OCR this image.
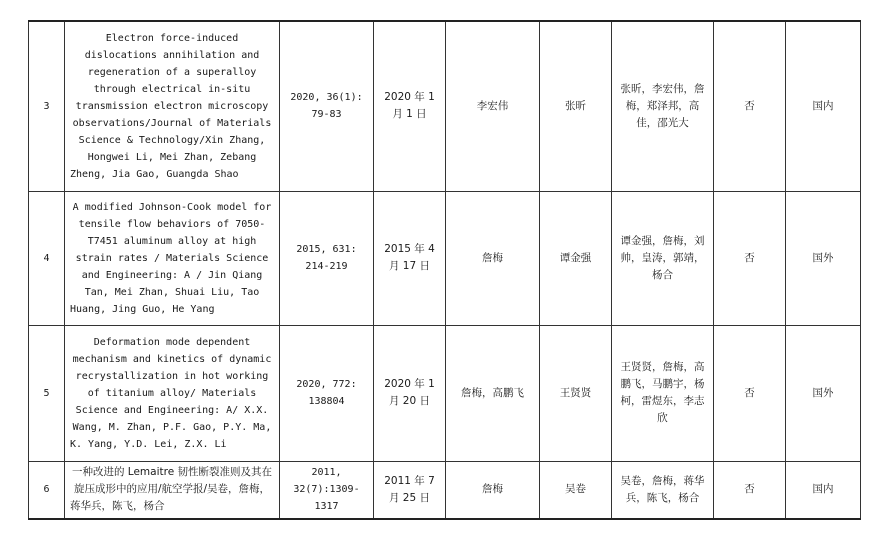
3	Electron force-induced dislocations annihilation and regeneration of a superalloy through electrical in-situ transmission electron microscopy observations/Journal of Materials Science & Technology/Xin Zhang, Hongwei Li, Mei Zhan, Zebang Zheng, Jia Gao, Guangda Shao	2020, 36(1): 79-83	2020 年 1 月 1 日	李宏伟	张昕	张昕，李宏伟，詹梅，郑泽邦，高佳，邵光大	否	国内
4	A modified Johnson-Cook model for tensile flow behaviors of 7050-T7451 aluminum alloy at high strain rates / Materials Science and Engineering: A / Jin Qiang Tan, Mei Zhan, Shuai Liu, Tao Huang, Jing Guo, He Yang	2015, 631: 214-219	2015 年 4 月 17 日	詹梅	谭金强	谭金强，詹梅，刘帅，皇涛，郭靖，杨合	否	国外
5	Deformation mode dependent mechanism and kinetics of dynamic recrystallization in hot working of titanium alloy/ Materials Science and Engineering: A/ X.X. Wang, M. Zhan, P.F. Gao, P.Y. Ma, K. Yang, Y.D. Lei, Z.X. Li	2020, 772: 138804	2020 年 1 月 20 日	詹梅，高鹏飞	王贤贤	王贤贤，詹梅，高鹏飞，马鹏宇，杨柯，雷煜东，李志欣	否	国外
6	一种改进的 Lemaitre 韧性断裂准则及其在旋压成形中的应用/航空学报/吴卷，詹梅，蒋华兵，陈飞，杨合	2011, 32(7):1309-1317	2011 年 7 月 25 日	詹梅	吴卷	吴卷，詹梅，蒋华兵，陈飞，杨合	否	国内
